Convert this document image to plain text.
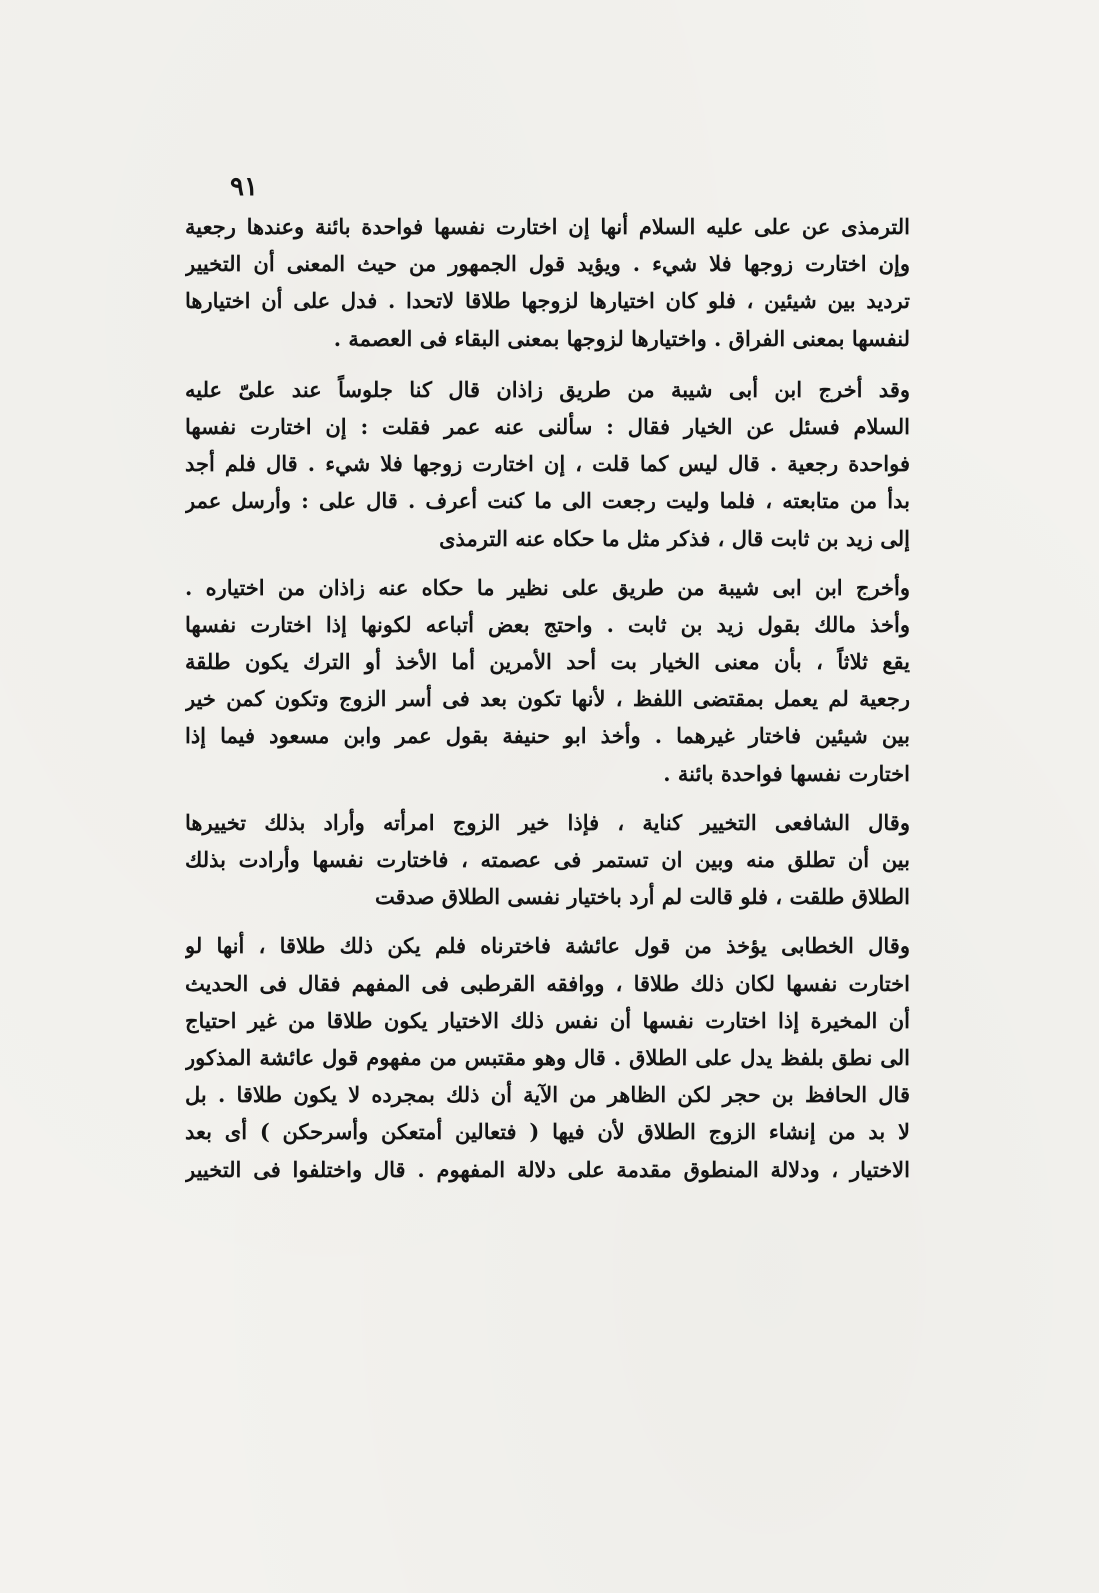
٩١
الترمذى عن على عليه السلام أنها إن اختارت نفسها فواحدة بائنة وعندها رجعية
وإن اختارت زوجها فلا شيء . ويؤيد قول الجمهور من حيث المعنى أن التخيير
ترديد بين شيئين ، فلو كان اختيارها لزوجها طلاقا لاتحدا . فدل على أن اختيارها
لنفسها بمعنى الفراق . واختيارها لزوجها بمعنى البقاء فى العصمة .
وقد أخرج ابن أبى شيبة من طريق زاذان قال كنا جلوساً عند علىّ عليه
السلام فسئل عن الخيار فقال : سألنى عنه عمر فقلت : إن اختارت نفسها
فواحدة رجعية . قال ليس كما قلت ، إن اختارت زوجها فلا شيء . قال فلم أجد
بدأ من متابعته ، فلما وليت رجعت الى ما كنت أعرف . قال على : وأرسل عمر
إلى زيد بن ثابت قال ، فذكر مثل ما حكاه عنه الترمذى
وأخرج ابن ابى شيبة من طريق على نظير ما حكاه عنه زاذان من اختياره .
وأخذ مالك بقول زيد بن ثابت . واحتج بعض أتباعه لكونها إذا اختارت نفسها
يقع ثلاثاً ، بأن معنى الخيار بت أحد الأمرين أما الأخذ أو الترك يكون طلقة
رجعية لم يعمل بمقتضى اللفظ ، لأنها تكون بعد فى أسر الزوج وتكون كمن خير
بين شيئين فاختار غيرهما . وأخذ ابو حنيفة بقول عمر وابن مسعود فيما إذا
اختارت نفسها فواحدة بائنة .
وقال الشافعى التخيير كناية ، فإذا خير الزوج امرأته وأراد بذلك تخييرها
بين أن تطلق منه وبين ان تستمر فى عصمته ، فاختارت نفسها وأرادت بذلك
الطلاق طلقت ، فلو قالت لم أرد باختيار نفسى الطلاق صدقت
وقال الخطابى يؤخذ من قول عائشة فاخترناه فلم يكن ذلك طلاقا ، أنها لو
اختارت نفسها لكان ذلك طلاقا ، ووافقه القرطبى فى المفهم فقال فى الحديث
أن المخيرة إذا اختارت نفسها أن نفس ذلك الاختيار يكون طلاقا من غير احتياج
الى نطق بلفظ يدل على الطلاق . قال وهو مقتبس من مفهوم قول عائشة المذكور
قال الحافظ بن حجر لكن الظاهر من الآية أن ذلك بمجرده لا يكون طلاقا . بل
لا بد من إنشاء الزوج الطلاق لأن فيها ( فتعالين أمتعكن وأسرحكن ) أى بعد
الاختيار ، ودلالة المنطوق مقدمة على دلالة المفهوم . قال واختلفوا فى التخيير
